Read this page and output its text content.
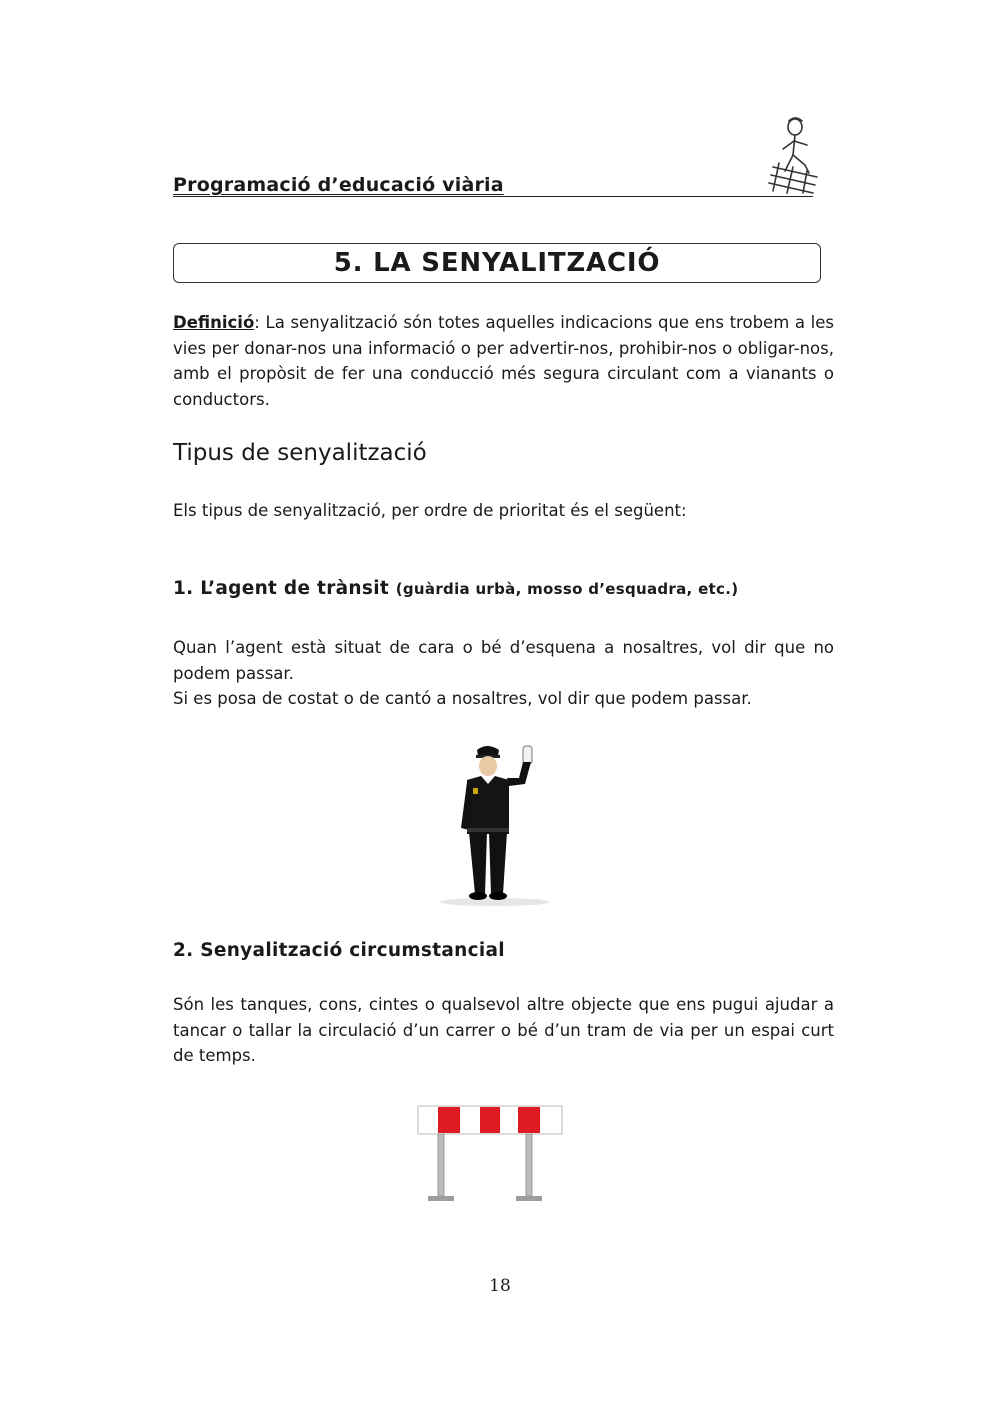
Programació d’educació viària
5. LA SENYALITZACIÓ
Definició: La senyalització són totes aquelles indicacions que ens trobem a les vies per donar-nos una informació o per advertir-nos, prohibir-nos o obligar-nos, amb el propòsit de fer una conducció més segura circulant com a vianants o conductors.
Tipus de senyalització
Els tipus de senyalització, per ordre de prioritat és el següent:
1. L’agent de trànsit (guàrdia urbà, mosso d’esquadra, etc.)
Quan l’agent està situat de cara o bé d’esquena a nosaltres, vol dir que no podem passar.
Si es posa de costat o de cantó a nosaltres, vol dir que podem passar.
2. Senyalització circumstancial
Són les tanques, cons, cintes o qualsevol altre objecte que ens pugui ajudar a tancar o tallar la circulació d’un carrer o bé d’un tram de via per un espai curt de temps.
18
